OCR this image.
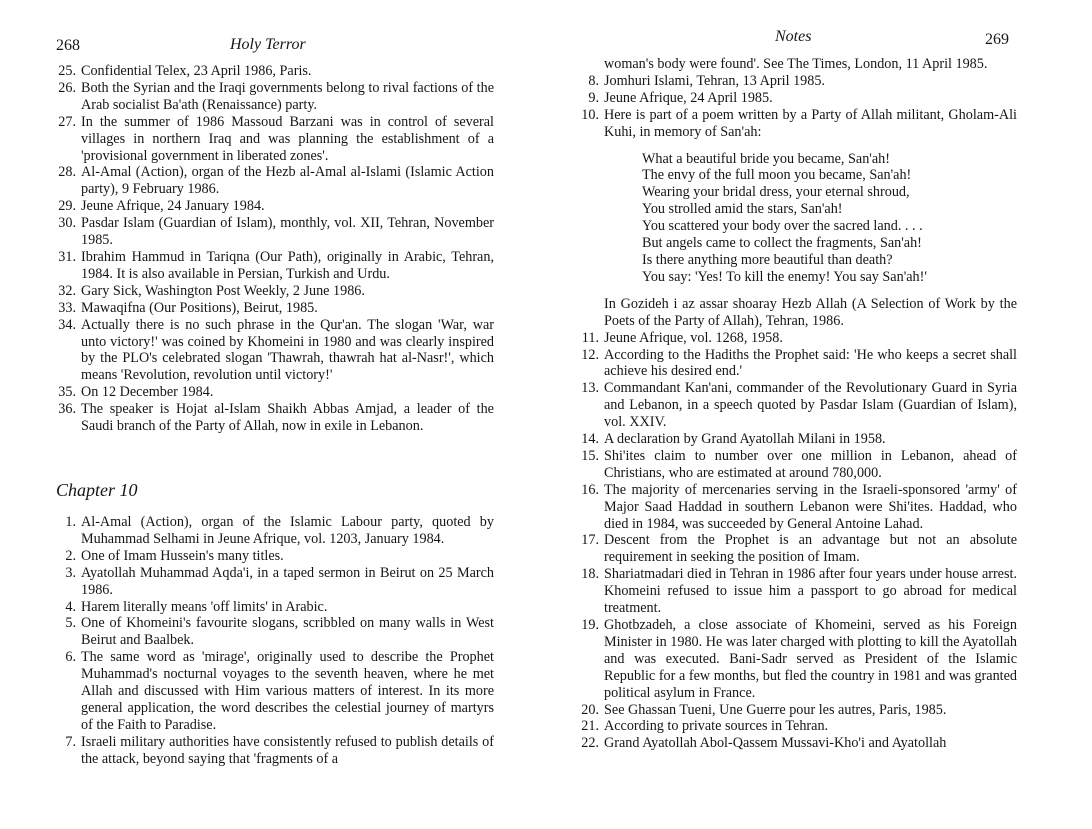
268	Holy Terror
25. Confidential Telex, 23 April 1986, Paris.
26. Both the Syrian and the Iraqi governments belong to rival factions of the Arab socialist Ba'ath (Renaissance) party.
27. In the summer of 1986 Massoud Barzani was in control of several villages in northern Iraq and was planning the establishment of a 'provisional government in liberated zones'.
28. Al-Amal (Action), organ of the Hezb al-Amal al-Islami (Islamic Action party), 9 February 1986.
29. Jeune Afrique, 24 January 1984.
30. Pasdar Islam (Guardian of Islam), monthly, vol. XII, Tehran, November 1985.
31. Ibrahim Hammud in Tariqna (Our Path), originally in Arabic, Tehran, 1984. It is also available in Persian, Turkish and Urdu.
32. Gary Sick, Washington Post Weekly, 2 June 1986.
33. Mawaqifna (Our Positions), Beirut, 1985.
34. Actually there is no such phrase in the Qur'an. The slogan 'War, war unto victory!' was coined by Khomeini in 1980 and was clearly inspired by the PLO's celebrated slogan 'Thawrah, thawrah hat al-Nasr!', which means 'Revolution, revolution until victory!'
35. On 12 December 1984.
36. The speaker is Hojat al-Islam Shaikh Abbas Amjad, a leader of the Saudi branch of the Party of Allah, now in exile in Lebanon.
Chapter 10
1. Al-Amal (Action), organ of the Islamic Labour party, quoted by Muhammad Selhami in Jeune Afrique, vol. 1203, January 1984.
2. One of Imam Hussein's many titles.
3. Ayatollah Muhammad Aqda'i, in a taped sermon in Beirut on 25 March 1986.
4. Harem literally means 'off limits' in Arabic.
5. One of Khomeini's favourite slogans, scribbled on many walls in West Beirut and Baalbek.
6. The same word as 'mirage', originally used to describe the Prophet Muhammad's nocturnal voyages to the seventh heaven, where he met Allah and discussed with Him various matters of interest. In its more general application, the word describes the celestial journey of martyrs of the Faith to Paradise.
7. Israeli military authorities have consistently refused to publish details of the attack, beyond saying that 'fragments of a
Notes	269
woman's body were found'. See The Times, London, 11 April 1985.
8. Jomhuri Islami, Tehran, 13 April 1985.
9. Jeune Afrique, 24 April 1985.
10. Here is part of a poem written by a Party of Allah militant, Gholam-Ali Kuhi, in memory of San'ah:
What a beautiful bride you became, San'ah!
The envy of the full moon you became, San'ah!
Wearing your bridal dress, your eternal shroud,
You strolled amid the stars, San'ah!
You scattered your body over the sacred land. . . .
But angels came to collect the fragments, San'ah!
Is there anything more beautiful than death?
You say: 'Yes! To kill the enemy! You say San'ah!'
In Gozideh i az assar shoaray Hezb Allah (A Selection of Work by the Poets of the Party of Allah), Tehran, 1986.
11. Jeune Afrique, vol. 1268, 1958.
12. According to the Hadiths the Prophet said: 'He who keeps a secret shall achieve his desired end.'
13. Commandant Kan'ani, commander of the Revolutionary Guard in Syria and Lebanon, in a speech quoted by Pasdar Islam (Guardian of Islam), vol. XXIV.
14. A declaration by Grand Ayatollah Milani in 1958.
15. Shi'ites claim to number over one million in Lebanon, ahead of Christians, who are estimated at around 780,000.
16. The majority of mercenaries serving in the Israeli-sponsored 'army' of Major Saad Haddad in southern Lebanon were Shi'ites. Haddad, who died in 1984, was succeeded by General Antoine Lahad.
17. Descent from the Prophet is an advantage but not an absolute requirement in seeking the position of Imam.
18. Shariatmadari died in Tehran in 1986 after four years under house arrest. Khomeini refused to issue him a passport to go abroad for medical treatment.
19. Ghotbzadeh, a close associate of Khomeini, served as his Foreign Minister in 1980. He was later charged with plotting to kill the Ayatollah and was executed. Bani-Sadr served as President of the Islamic Republic for a few months, but fled the country in 1981 and was granted political asylum in France.
20. See Ghassan Tueni, Une Guerre pour les autres, Paris, 1985.
21. According to private sources in Tehran.
22. Grand Ayatollah Abol-Qassem Mussavi-Kho'i and Ayatollah
